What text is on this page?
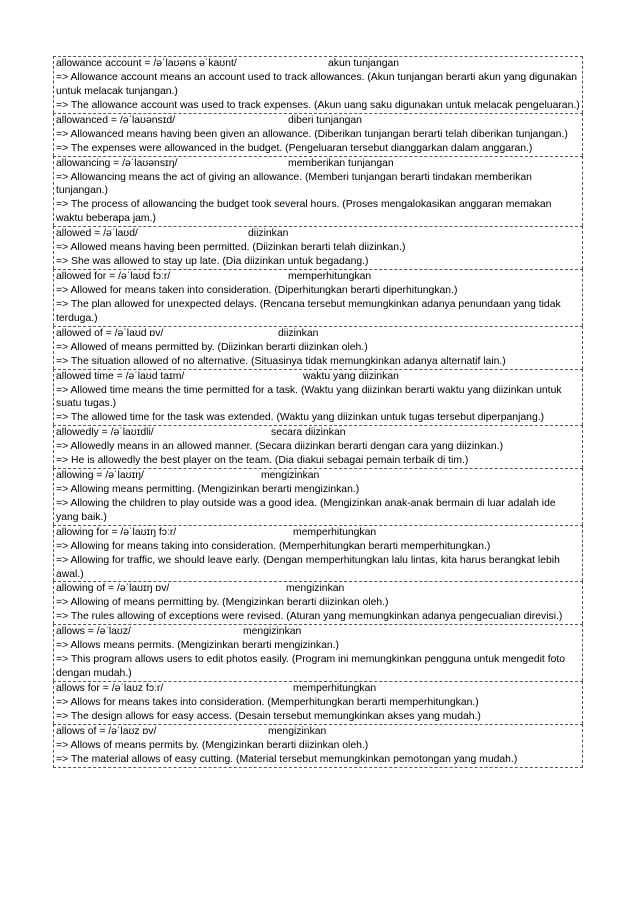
allowance account = /əˈlaʊəns əˈkaʊnt/	akun tunjangan
=> Allowance account means an account used to track allowances. (Akun tunjangan berarti akun yang digunakan untuk melacak tunjangan.)
=> The allowance account was used to track expenses. (Akun uang saku digunakan untuk melacak pengeluaran.)
allowanced = /əˈlaʊənsɪd/	diberi tunjangan
=> Allowanced means having been given an allowance. (Diberikan tunjangan berarti telah diberikan tunjangan.)
=> The expenses were allowanced in the budget. (Pengeluaran tersebut dianggarkan dalam anggaran.)
allowancing = /əˈlaʊənsɪŋ/	memberikan tunjangan
=> Allowancing means the act of giving an allowance. (Memberi tunjangan berarti tindakan memberikan tunjangan.)
=> The process of allowancing the budget took several hours. (Proses mengalokasikan anggaran memakan waktu beberapa jam.)
allowed = /əˈlaʊd/	diizinkan
=> Allowed means having been permitted. (Diizinkan berarti telah diizinkan.)
=> She was allowed to stay up late. (Dia diizinkan untuk begadang.)
allowed for = /əˈlaʊd fɔːr/	memperhitungkan
=> Allowed for means taken into consideration. (Diperhitungkan berarti diperhitungkan.)
=> The plan allowed for unexpected delays. (Rencana tersebut memungkinkan adanya penundaan yang tidak terduga.)
allowed of = /əˈlaʊd ɒv/	diizinkan
=> Allowed of means permitted by. (Diizinkan berarti diizinkan oleh.)
=> The situation allowed of no alternative. (Situasinya tidak memungkinkan adanya alternatif lain.)
allowed time = /əˈlaʊd taɪm/	waktu yang diizinkan
=> Allowed time means the time permitted for a task. (Waktu yang diizinkan berarti waktu yang diizinkan untuk suatu tugas.)
=> The allowed time for the task was extended. (Waktu yang diizinkan untuk tugas tersebut diperpanjang.)
allowedly = /əˈlaʊɪdli/	secara diizinkan
=> Allowedly means in an allowed manner. (Secara diizinkan berarti dengan cara yang diizinkan.)
=> He is allowedly the best player on the team. (Dia diakui sebagai pemain terbaik di tim.)
allowing = /əˈlaʊɪŋ/	mengizinkan
=> Allowing means permitting. (Mengizinkan berarti mengizinkan.)
=> Allowing the children to play outside was a good idea. (Mengizinkan anak-anak bermain di luar adalah ide yang baik.)
allowing for = /əˈlaʊɪŋ fɔːr/	memperhitungkan
=> Allowing for means taking into consideration. (Memperhitungkan berarti memperhitungkan.)
=> Allowing for traffic, we should leave early. (Dengan memperhitungkan lalu lintas, kita harus berangkat lebih awal.)
allowing of = /əˈlaʊɪŋ ɒv/	mengizinkan
=> Allowing of means permitting by. (Mengizinkan berarti diizinkan oleh.)
=> The rules allowing of exceptions were revised. (Aturan yang memungkinkan adanya pengecualian direvisi.)
allows = /əˈlaʊz/	mengizinkan
=> Allows means permits. (Mengizinkan berarti mengizinkan.)
=> This program allows users to edit photos easily. (Program ini memungkinkan pengguna untuk mengedit foto dengan mudah.)
allows for = /əˈlaʊz fɔːr/	memperhitungkan
=> Allows for means takes into consideration. (Memperhitungkan berarti memperhitungkan.)
=> The design allows for easy access. (Desain tersebut memungkinkan akses yang mudah.)
allows of = /əˈlaʊz ɒv/	mengizinkan
=> Allows of means permits by. (Mengizinkan berarti diizinkan oleh.)
=> The material allows of easy cutting. (Material tersebut memungkinkan pemotongan yang mudah.)
